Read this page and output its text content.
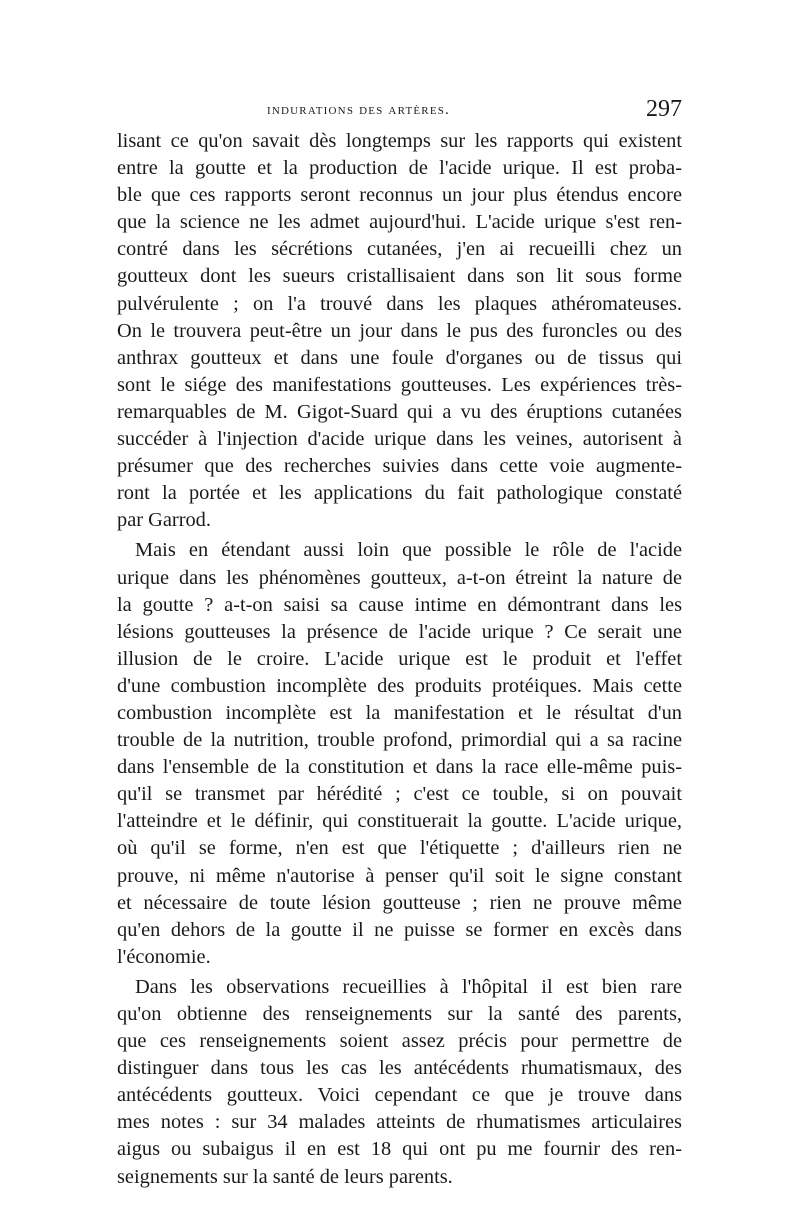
indurations des artères.	297
lisant ce qu'on savait dès longtemps sur les rapports qui existent
entre la goutte et la production de l'acide urique. Il est proba-
ble que ces rapports seront reconnus un jour plus étendus encore
que la science ne les admet aujourd'hui. L'acide urique s'est ren-
contré dans les sécrétions cutanées, j'en ai recueilli chez un
goutteux dont les sueurs cristallisaient dans son lit sous forme
pulvérulente ; on l'a trouvé dans les plaques athéromateuses.
On le trouvera peut-être un jour dans le pus des furoncles ou des
anthrax goutteux et dans une foule d'organes ou de tissus qui
sont le siége des manifestations goutteuses. Les expériences très-
remarquables de M. Gigot-Suard qui a vu des éruptions cutanées
succéder à l'injection d'acide urique dans les veines, autorisent à
présumer que des recherches suivies dans cette voie augmente-
ront la portée et les applications du fait pathologique constaté
par Garrod.
Mais en étendant aussi loin que possible le rôle de l'acide
urique dans les phénomènes goutteux, a-t-on étreint la nature de
la goutte ? a-t-on saisi sa cause intime en démontrant dans les
lésions goutteuses la présence de l'acide urique ? Ce serait une
illusion de le croire. L'acide urique est le produit et l'effet
d'une combustion incomplète des produits protéiques. Mais cette
combustion incomplète est la manifestation et le résultat d'un
trouble de la nutrition, trouble profond, primordial qui a sa racine
dans l'ensemble de la constitution et dans la race elle-même puis-
qu'il se transmet par hérédité ; c'est ce touble, si on pouvait
l'atteindre et le définir, qui constituerait la goutte. L'acide urique,
où qu'il se forme, n'en est que l'étiquette ; d'ailleurs rien ne
prouve, ni même n'autorise à penser qu'il soit le signe constant
et nécessaire de toute lésion goutteuse ; rien ne prouve même
qu'en dehors de la goutte il ne puisse se former en excès dans
l'économie.
Dans les observations recueillies à l'hôpital il est bien rare
qu'on obtienne des renseignements sur la santé des parents,
que ces renseignements soient assez précis pour permettre de
distinguer dans tous les cas les antécédents rhumatismaux, des
antécédents goutteux. Voici cependant ce que je trouve dans
mes notes : sur 34 malades atteints de rhumatismes articulaires
aigus ou subaigus il en est 18 qui ont pu me fournir des ren-
seignements sur la santé de leurs parents.
